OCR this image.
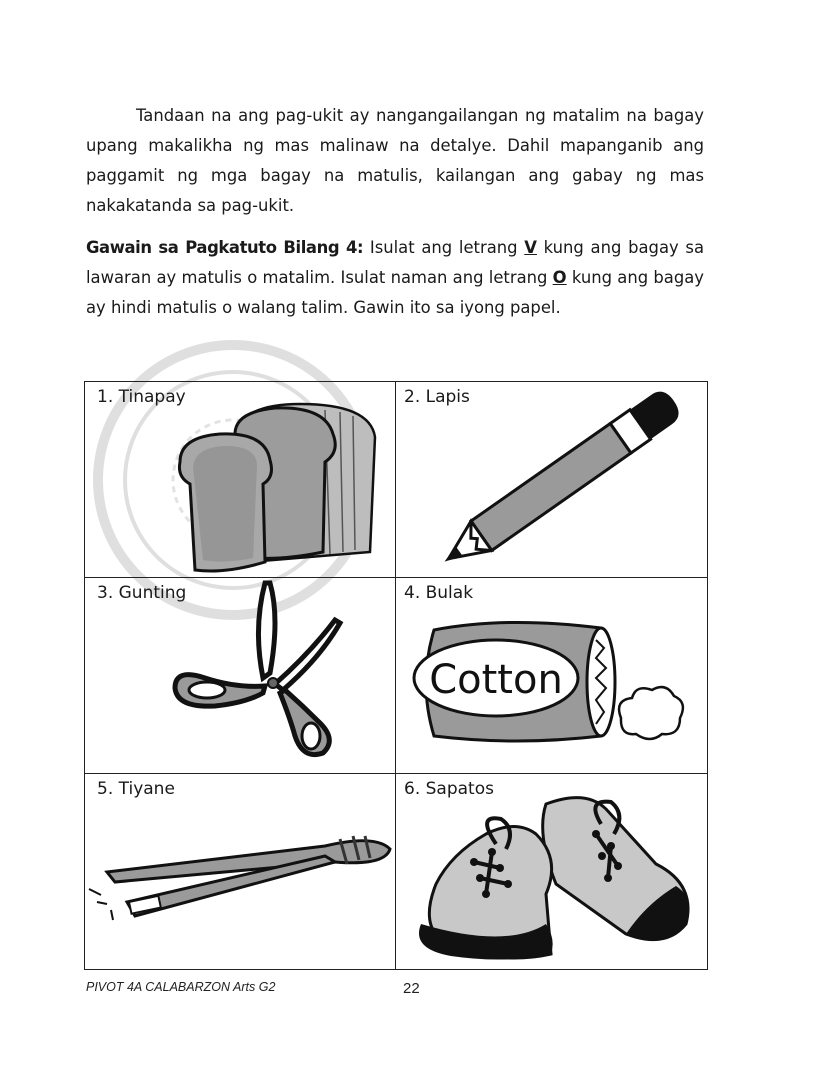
Tandaan na ang pag-ukit ay nangangailangan ng matalim na bagay upang makalikha ng mas malinaw na detalye. Dahil mapanganib ang paggamit ng mga bagay na matulis, kailangan ang gabay ng mas nakakatanda sa pag-ukit.

Gawain sa Pagkatuto Bilang 4: Isulat ang letrang V kung ang bagay sa lawaran ay matulis o matalim. Isulat naman ang letrang O kung ang bagay ay hindi matulis o walang talim. Gawin ito sa iyong papel.

1. Tinapay	2. Lapis
3. Gunting	4. Bulak
Cotton
5. Tiyane	6. Sapatos
PIVOT 4A CALABARZON Arts G2	22
